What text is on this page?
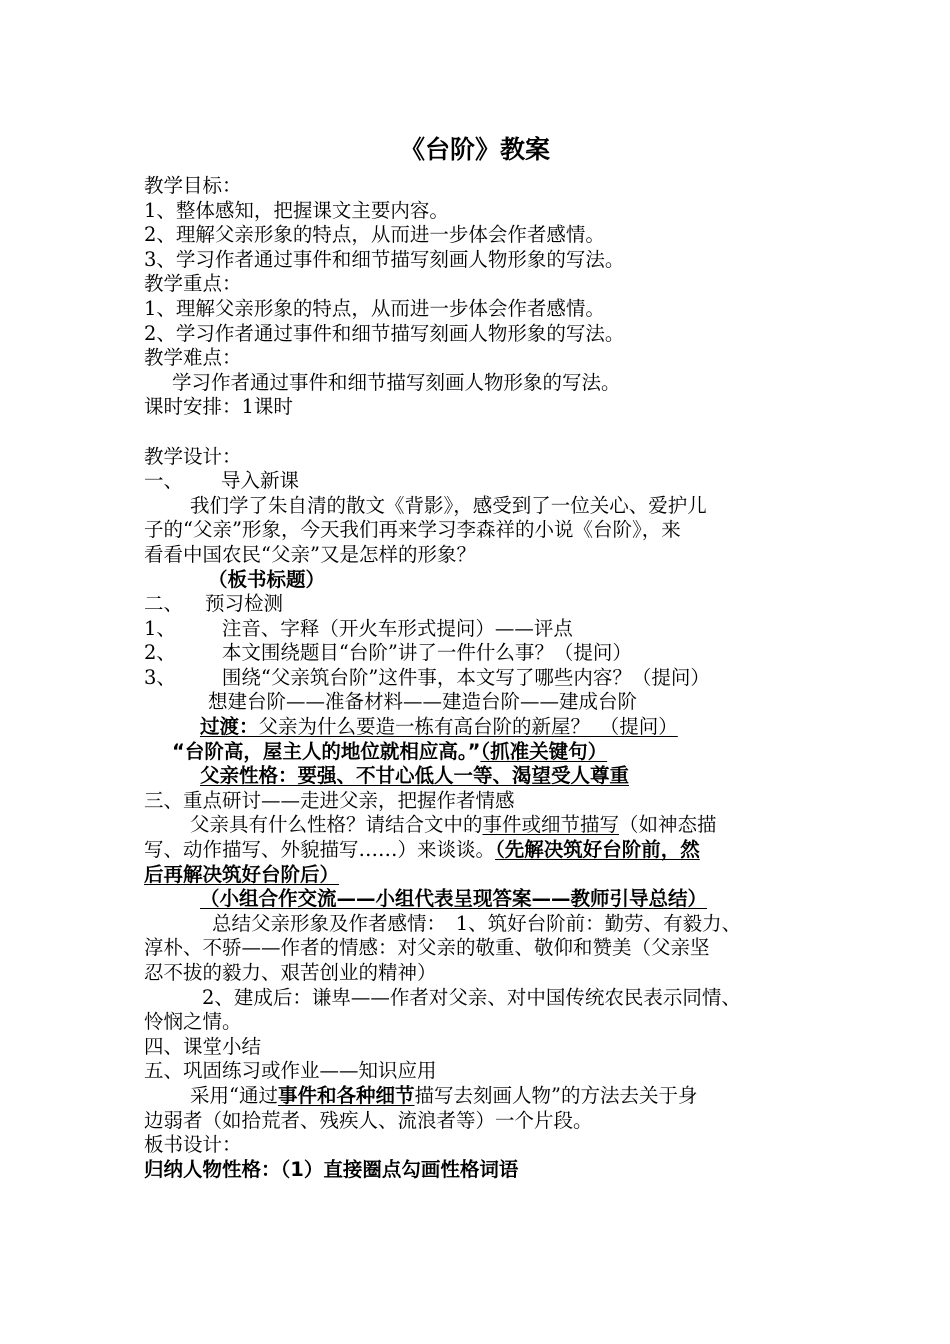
《台阶》教案
教学目标：
1、整体感知，把握课文主要内容。
2、理解父亲形象的特点，从而进一步体会作者感情。
3、学习作者通过事件和细节描写刻画人物形象的写法。
教学重点：
1、理解父亲形象的特点，从而进一步体会作者感情。
2、学习作者通过事件和细节描写刻画人物形象的写法。
教学难点：
学习作者通过事件和细节描写刻画人物形象的写法。
课时安排：1课时
教学设计：
一、 导入新课
我们学了朱自清的散文《背影》，感受到了一位关心、爱护儿
子的“父亲”形象，今天我们再来学习李森祥的小说《台阶》，来
看看中国农民“父亲”又是怎样的形象？
（板书标题）
二、 预习检测
1、 注音、字释（开火车形式提问）——评点
2、 本文围绕题目“台阶”讲了一件什么事？（提问）
3、 围绕“父亲筑台阶”这件事，本文写了哪些内容？（提问）
想建台阶——准备材料——建造台阶——建成台阶
过渡：父亲为什么要造一栋有高台阶的新屋？　（提问）
“台阶高，屋主人的地位就相应高。”（抓准关键句）
父亲性格：要强、不甘心低人一等、渴望受人尊重
三、重点研讨——走进父亲，把握作者情感
父亲具有什么性格？请结合文中的事件或细节描写（如神态描
写、动作描写、外貌描写……）来谈谈。（先解决筑好台阶前，然
后再解决筑好台阶后）
（小组合作交流——小组代表呈现答案——教师引导总结）
总结父亲形象及作者感情：　1、筑好台阶前：勤劳、有毅力、
淳朴、不骄——作者的情感：对父亲的敬重、敬仰和赞美（父亲坚
忍不拔的毅力、艰苦创业的精神）
2、建成后：谦卑——作者对父亲、对中国传统农民表示同情、
怜悯之情。
四、课堂小结
五、巩固练习或作业——知识应用
采用“通过事件和各种细节描写去刻画人物”的方法去关于身
边弱者（如拾荒者、残疾人、流浪者等）一个片段。
板书设计：
归纳人物性格：（1）直接圈点勾画性格词语
